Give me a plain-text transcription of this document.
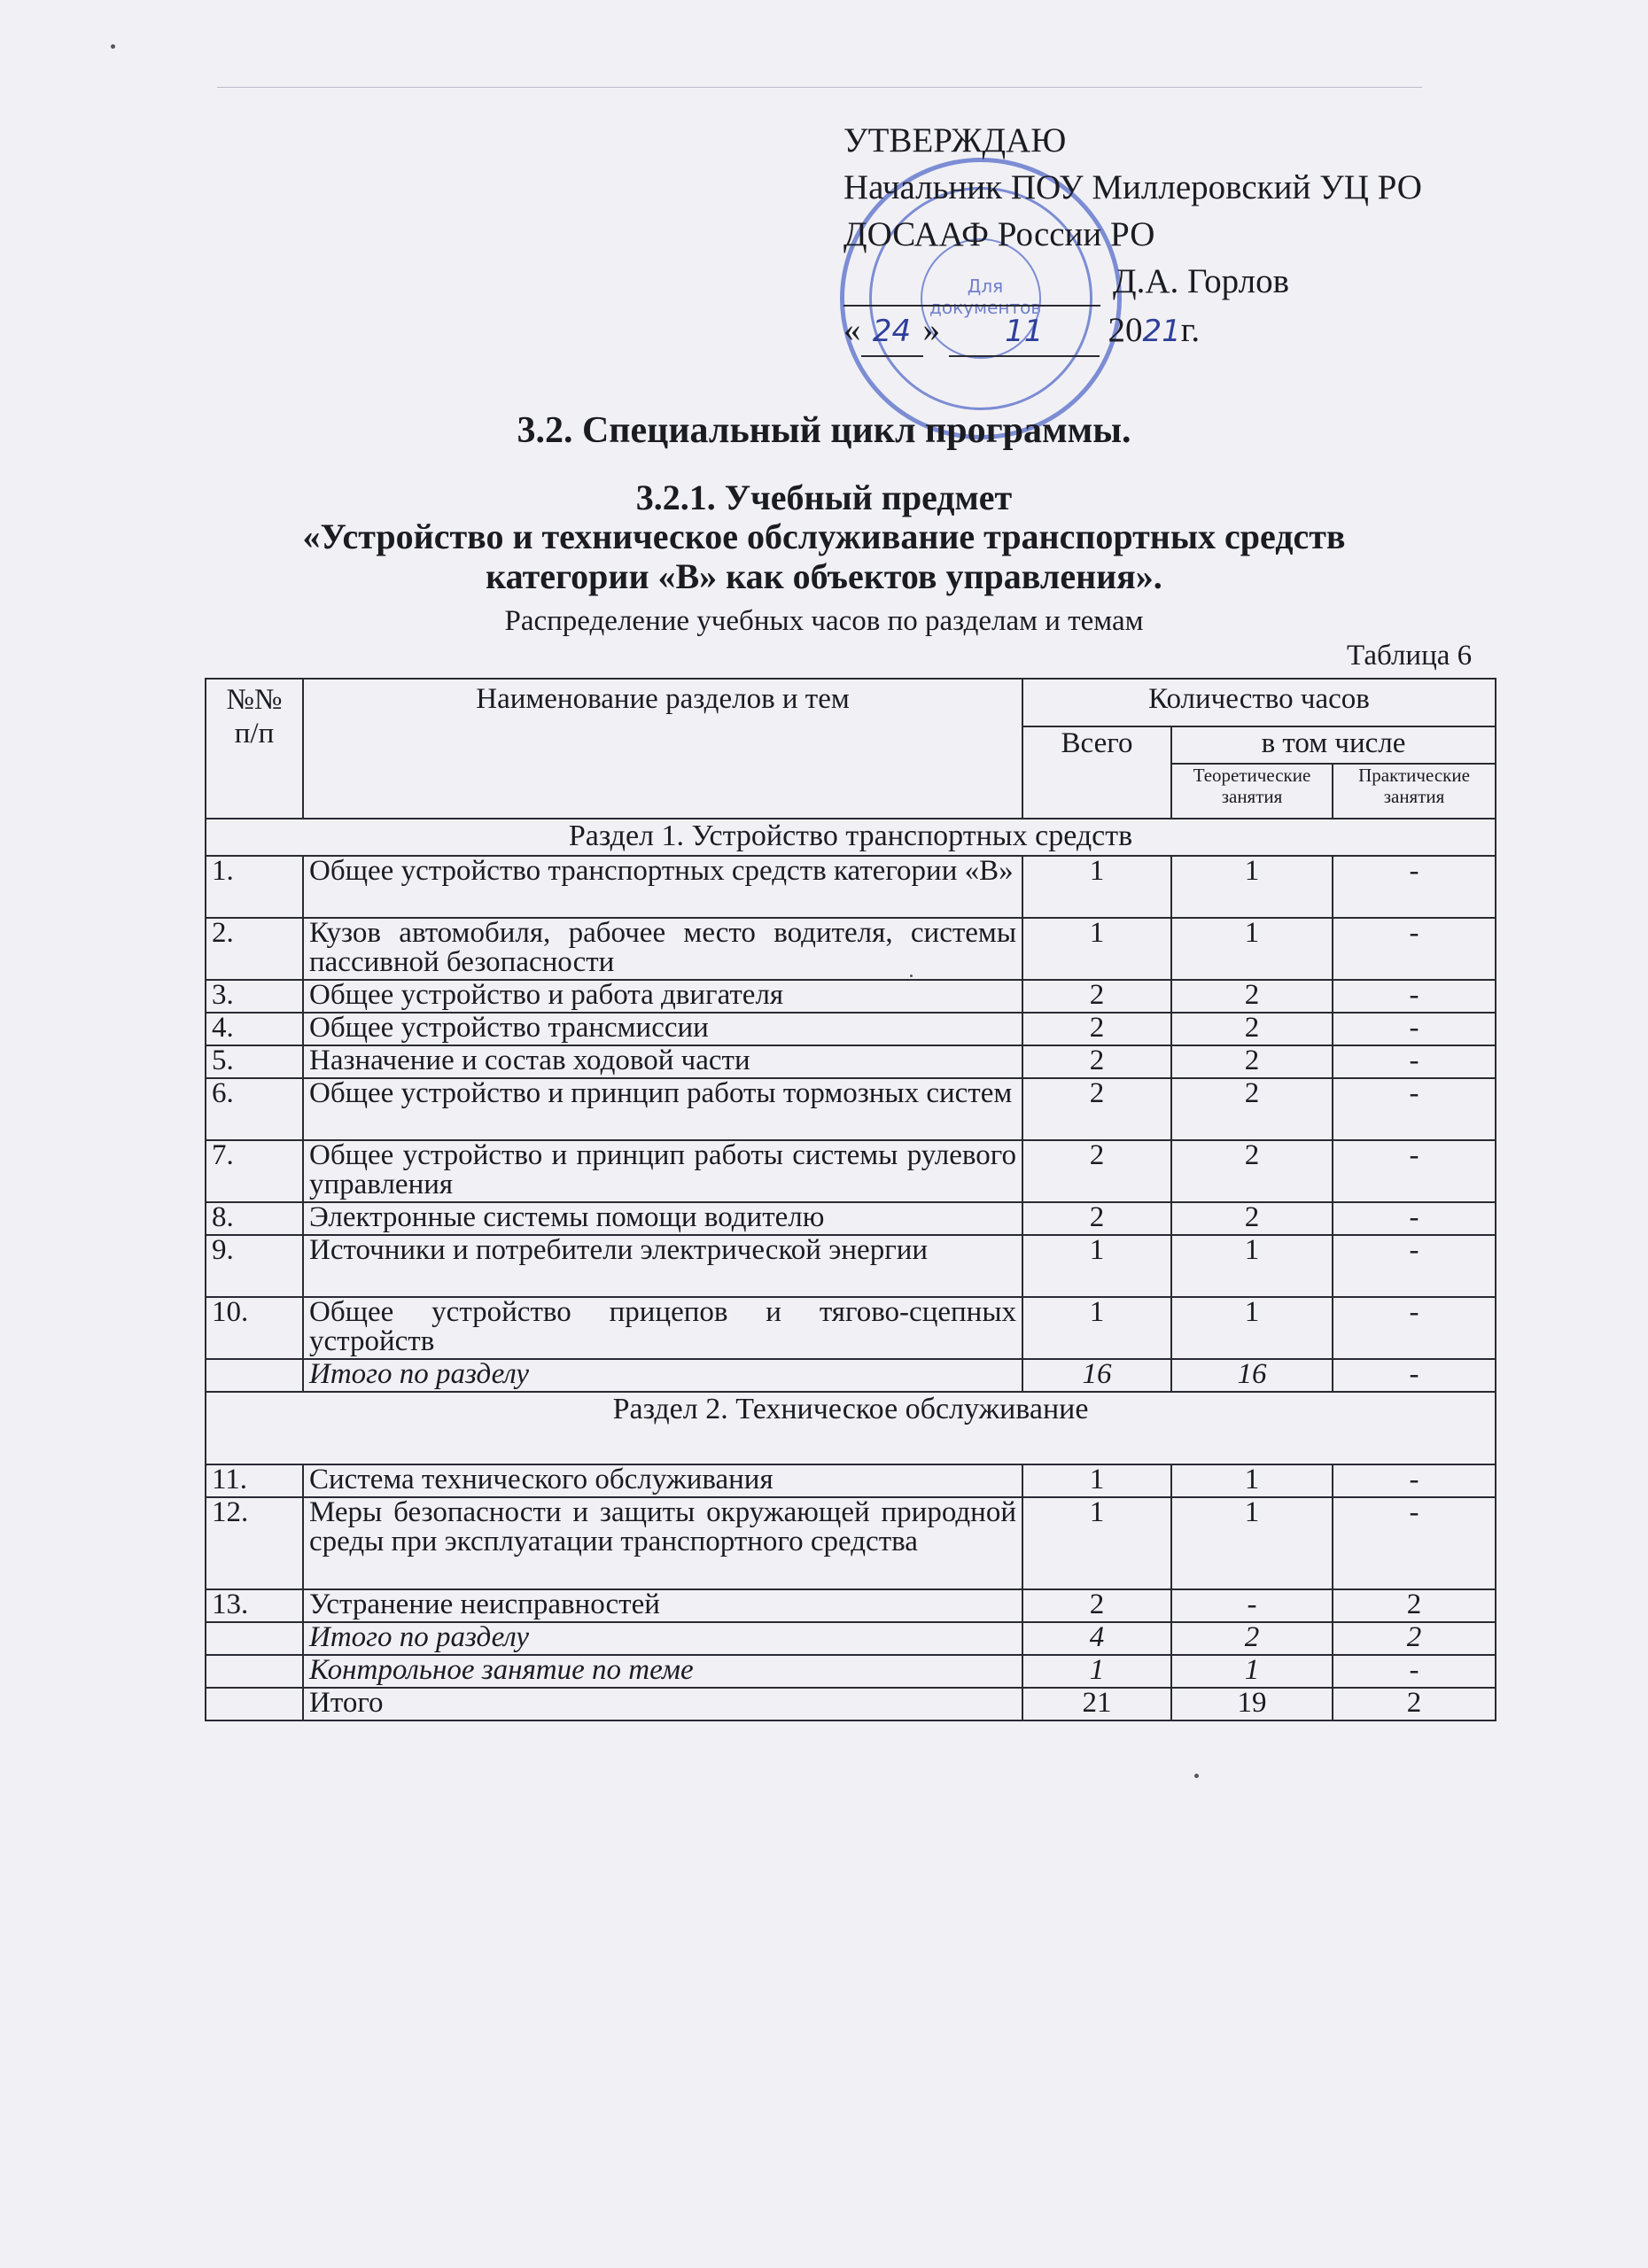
Для
документов
УТВЕРЖДАЮ
Начальник ПОУ Миллеровский УЦ РО
ДОСААФ России РО
Д.А. Горлов
« 24 » 11 2021г.
3.2. Специальный цикл программы.
3.2.1. Учебный предмет
«Устройство и техническое обслуживание транспортных средств
категории «В» как объектов управления».
Распределение учебных часов по разделам и темам
Таблица 6
№№ п/п	Наименование разделов и тем	Количество часов		
		Всего	в том числе	
			Теоретические занятия	Практические занятия
Раздел 1. Устройство транспортных средств				
1.	Общее устройство транспортных средств категории «В»	1	1	-
2.	Кузов автомобиля, рабочее место водителя, системы пассивной безопасности	1	1	-
3.	Общее устройство и работа двигателя	2	2	-
4.	Общее устройство трансмиссии	2	2	-
5.	Назначение и состав ходовой части	2	2	-
6.	Общее устройство и принцип работы тормозных систем	2	2	-
7.	Общее устройство и принцип работы системы рулевого управления	2	2	-
8.	Электронные системы помощи водителю	2	2	-
9.	Источники и потребители электрической энергии	1	1	-
10.	Общее устройство прицепов и тягово-сцепных устройств	1	1	-
	Итого по разделу	16	16	-
Раздел 2. Техническое обслуживание				
11.	Система технического обслуживания	1	1	-
12.	Меры безопасности и защиты окружающей природной среды при эксплуатации транспортного средства	1	1	-
13.	Устранение неисправностей	2	-	2
	Итого по разделу	4	2	2
	Контрольное занятие по теме	1	1	-
	Итого	21	19	2
